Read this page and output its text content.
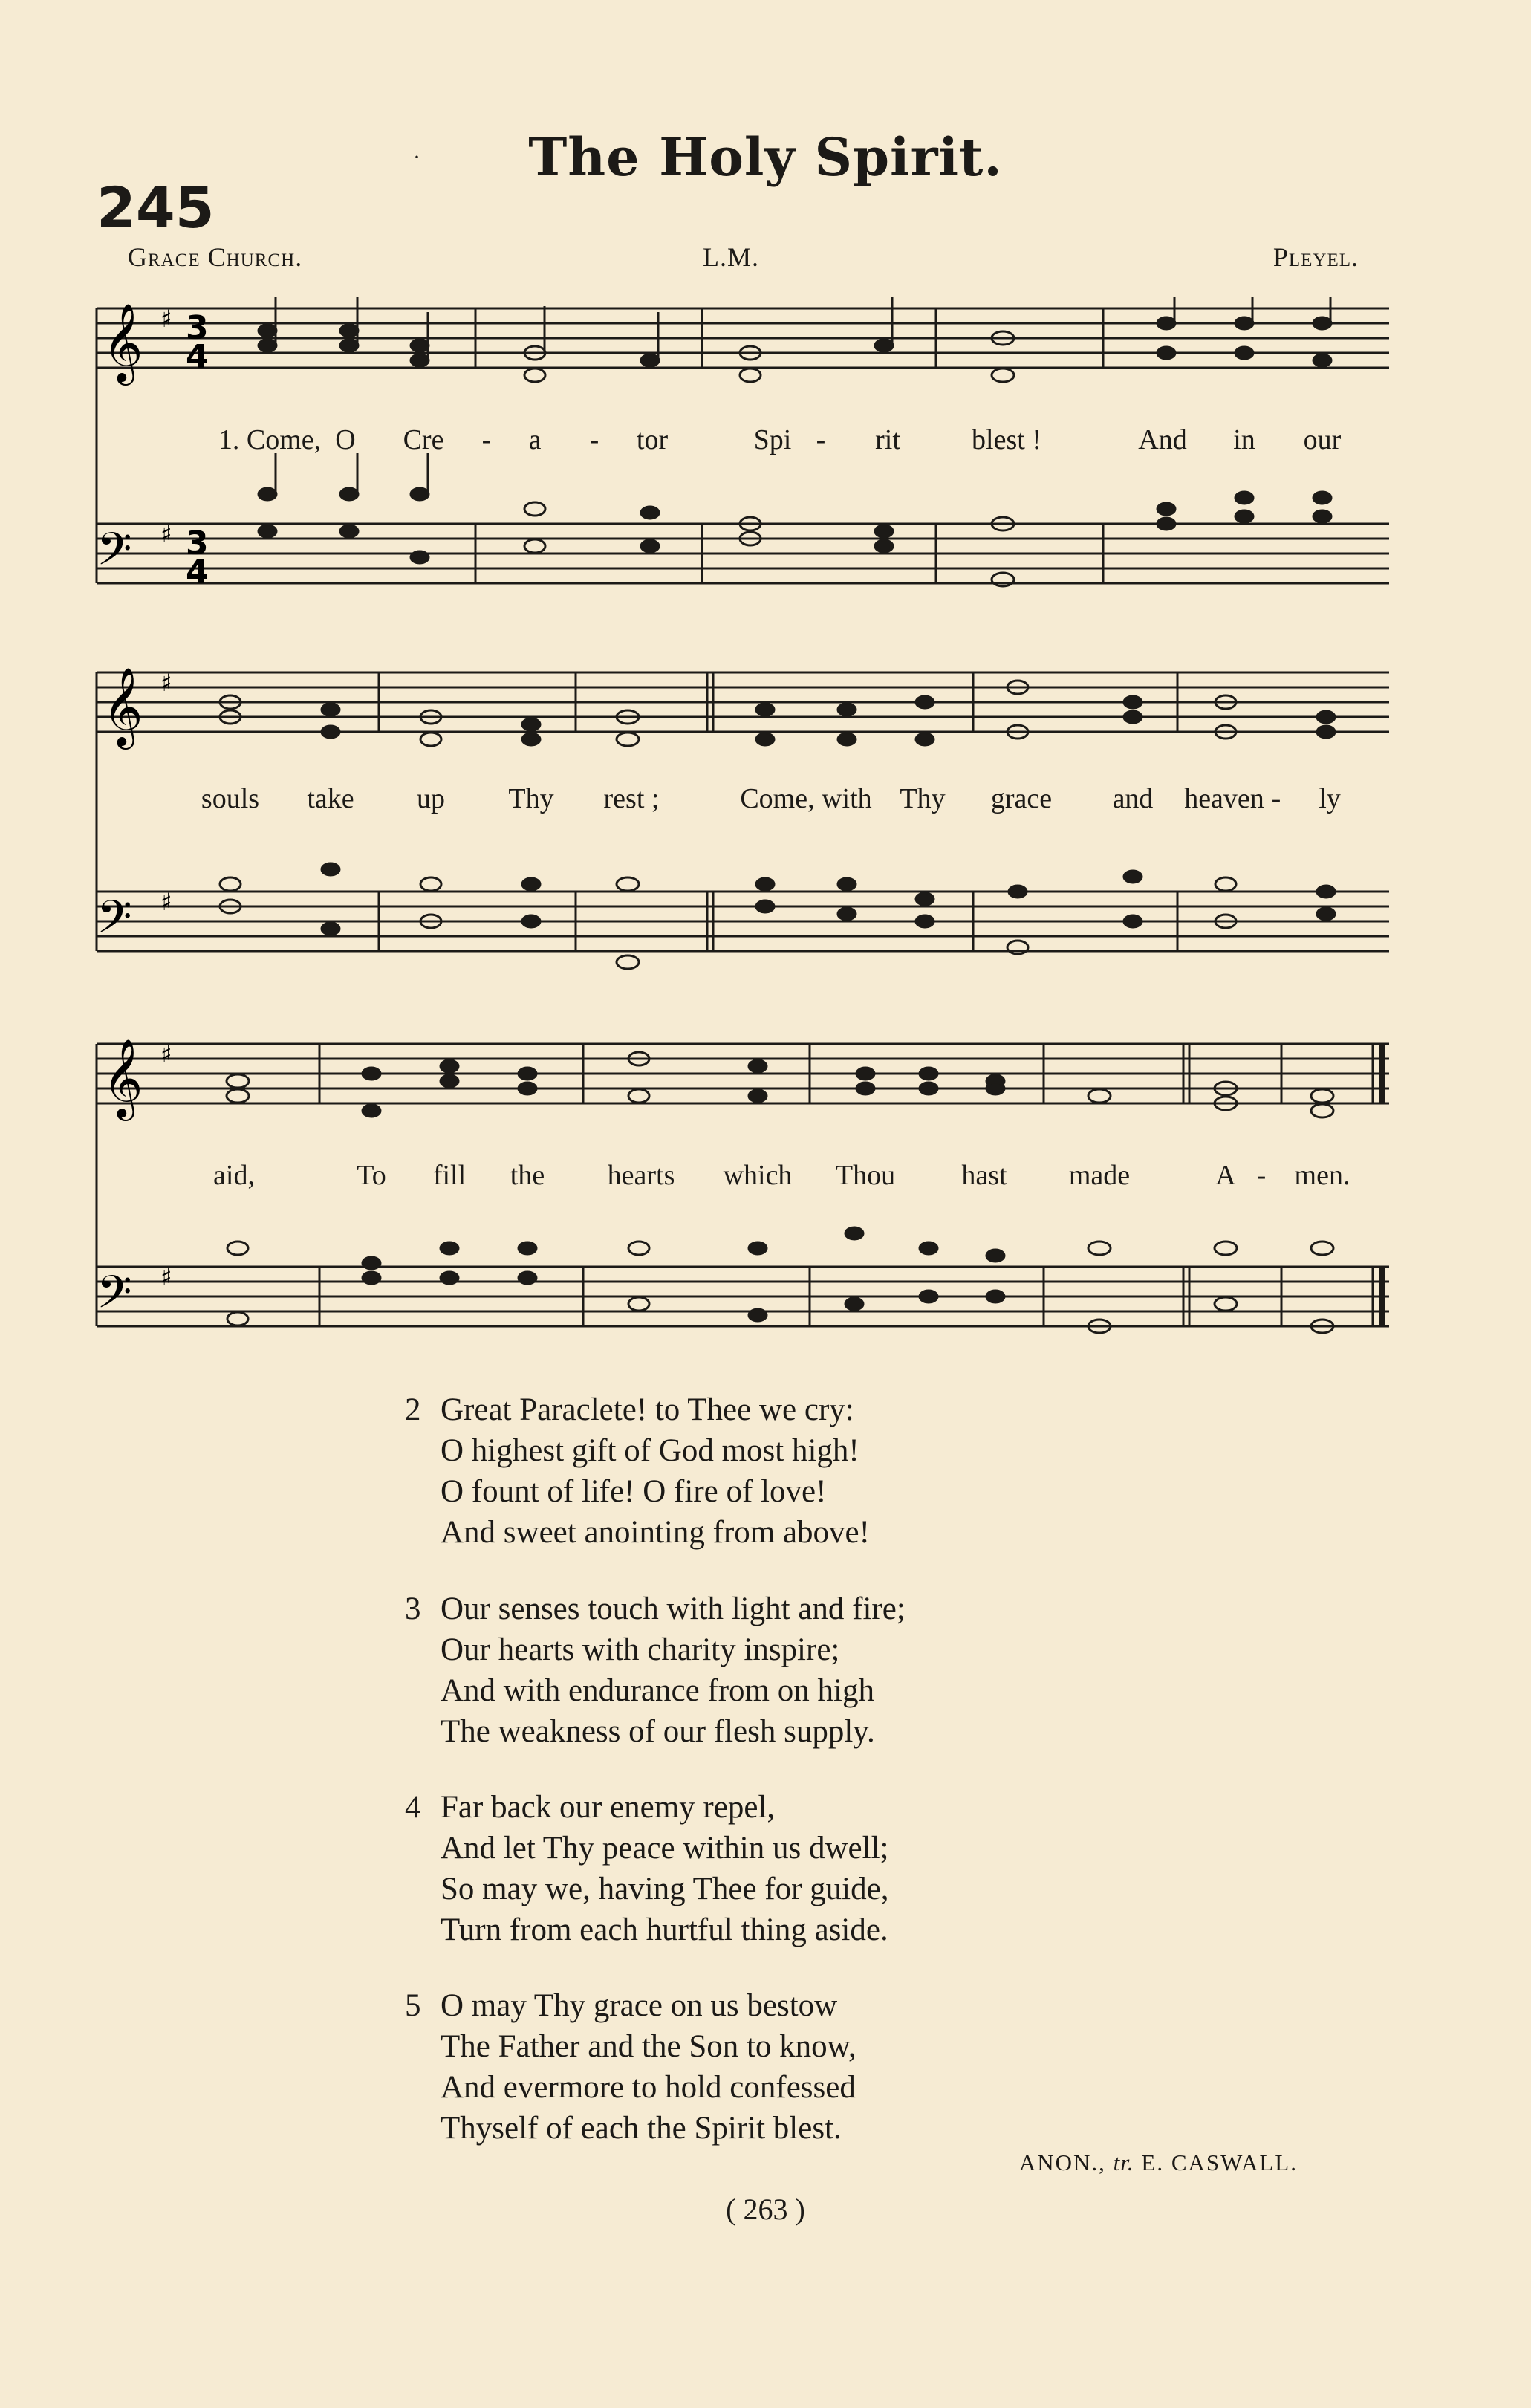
·	The Holy Spirit.
245
Grace Church.	L.M.	Pleyel.
𝄞
𝄢
♯
♯
3
4
3
4
1. Come, O Cre - a - tor	Spi - rit	blest !	And in our
𝄞
𝄢
♯
♯
souls take up Thy rest ;	Come, with Thy grace and heaven - ly
𝄞
𝄢
♯
♯
aid,	To fill the hearts which Thou hast made	A - men.
2 Great Paraclete! to Thee we cry:
O highest gift of God most high!
O fount of life! O fire of love!
And sweet anointing from above!
3 Our senses touch with light and fire;
Our hearts with charity inspire;
And with endurance from on high
The weakness of our flesh supply.
4 Far back our enemy repel,
And let Thy peace within us dwell;
So may we, having Thee for guide,
Turn from each hurtful thing aside.
5 O may Thy grace on us bestow
The Father and the Son to know,
And evermore to hold confessed
Thyself of each the Spirit blest.
ANON., tr. E. CASWALL.
( 263 )
